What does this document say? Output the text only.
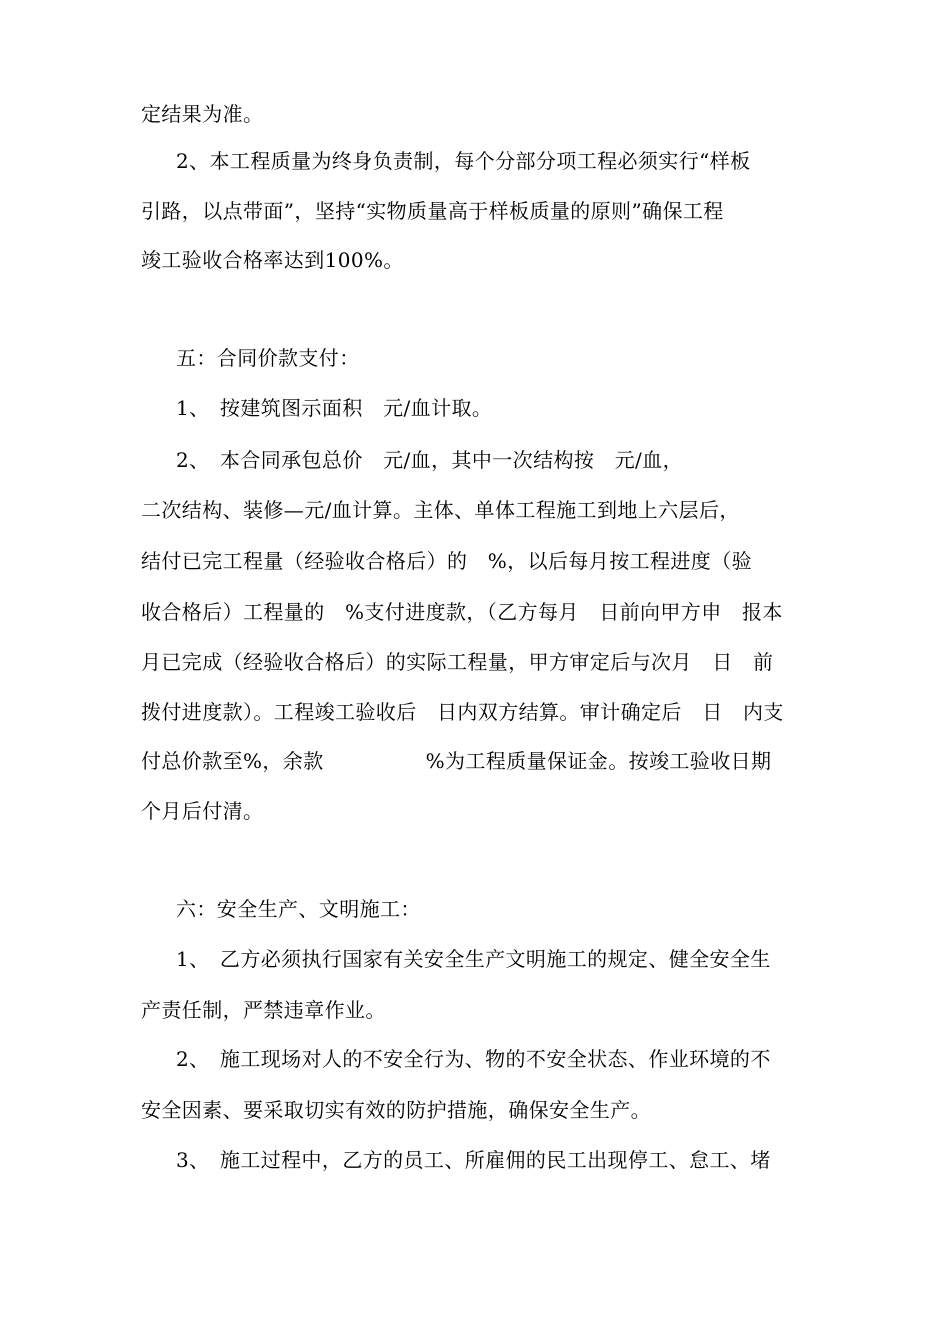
定结果为准。
2、本工程质量为终身负责制，每个分部分项工程必须实行“样板
引路，以点带面”，坚持“实物质量高于样板质量的原则”确保工程
竣工验收合格率达到100%。
五：合同价款支付：
1、　按建筑图示面积　元/血计取。
2、　本合同承包总价　元/血，其中一次结构按　元/血，
二次结构、装修—元/血计算。主体、单体工程施工到地上六层后，
结付已完工程量（经验收合格后）的　%，以后每月按工程进度（验
收合格后）工程量的　%支付进度款，（乙方每月　日前向甲方申　报本
月已完成（经验收合格后）的实际工程量，甲方审定后与次月　日　前
拨付进度款）。工程竣工验收后　日内双方结算。审计确定后　日　内支
付总价款至%，余款　　　　　%为工程质量保证金。按竣工验收日期
个月后付清。
六：安全生产、文明施工：
1、　乙方必须执行国家有关安全生产文明施工的规定、健全安全生
产责任制，严禁违章作业。
2、　施工现场对人的不安全行为、物的不安全状态、作业环境的不
安全因素、要采取切实有效的防护措施，确保安全生产。
3、　施工过程中，乙方的员工、所雇佣的民工出现停工、怠工、堵
